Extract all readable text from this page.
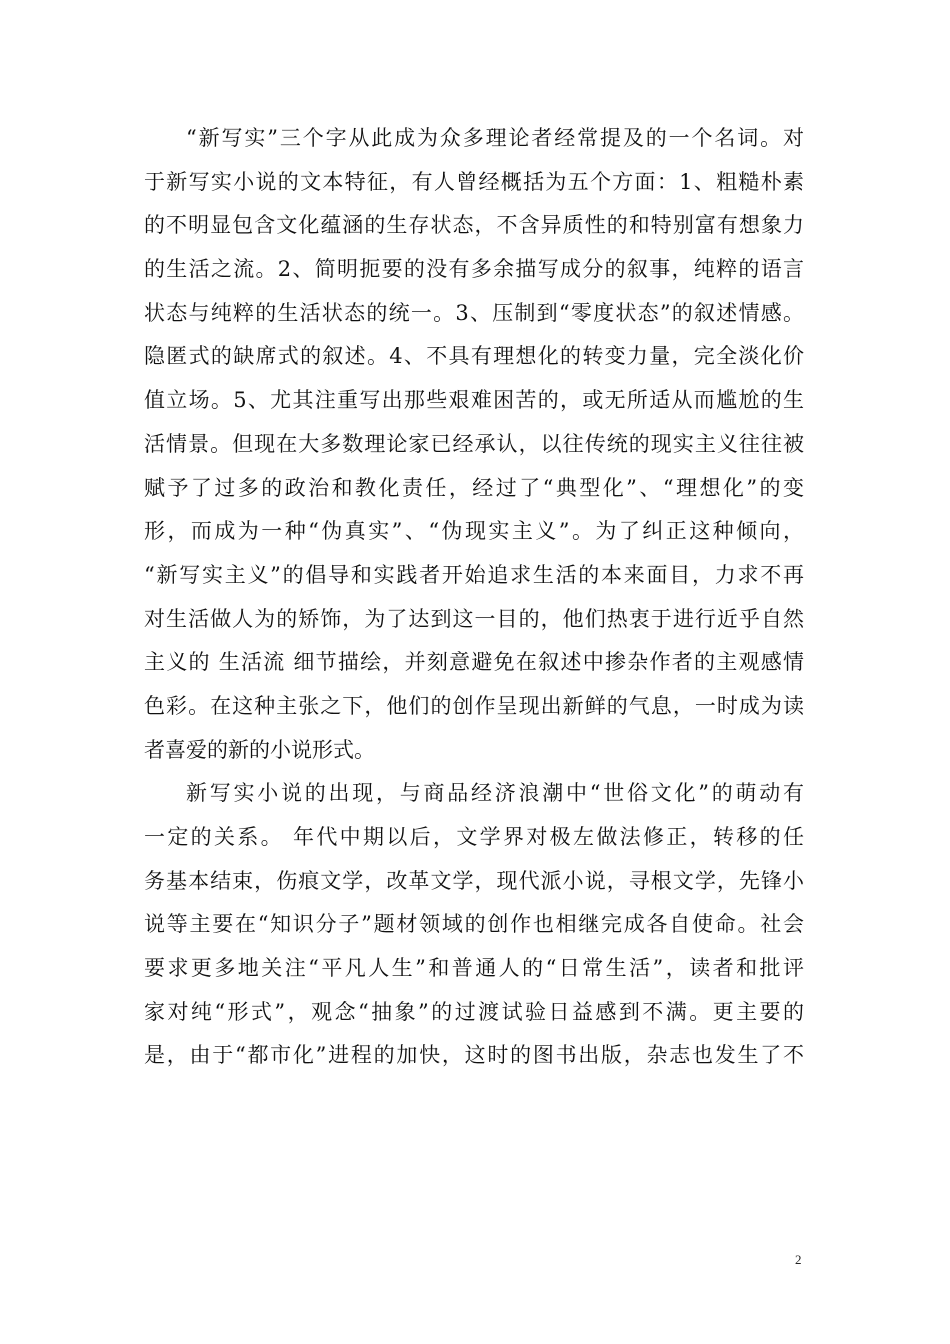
“新写实”三个字从此成为众多理论者经常提及的一个名词。对
于新写实小说的文本特征，有人曾经概括为五个方面：1、粗糙朴素
的不明显包含文化蕴涵的生存状态，不含异质性的和特别富有想象力
的生活之流。2、简明扼要的没有多余描写成分的叙事，纯粹的语言
状态与纯粹的生活状态的统一。3、压制到“零度状态”的叙述情感。
隐匿式的缺席式的叙述。4、不具有理想化的转变力量，完全淡化价
值立场。5、尤其注重写出那些艰难困苦的，或无所适从而尴尬的生
活情景。但现在大多数理论家已经承认，以往传统的现实主义往往被
赋予了过多的政治和教化责任，经过了“典型化”、“理想化”的变
形，而成为一种“伪真实”、“伪现实主义”。为了纠正这种倾向，
“新写实主义”的倡导和实践者开始追求生活的本来面目，力求不再
对生活做人为的矫饰，为了达到这一目的，他们热衷于进行近乎自然
主义的 生活流 细节描绘，并刻意避免在叙述中掺杂作者的主观感情
色彩。在这种主张之下，他们的创作呈现出新鲜的气息，一时成为读
者喜爱的新的小说形式。
新写实小说的出现，与商品经济浪潮中“世俗文化”的萌动有
一定的关系。 年代中期以后，文学界对极左做法修正，转移的任
务基本结束，伤痕文学，改革文学，现代派小说，寻根文学，先锋小
说等主要在“知识分子”题材领域的创作也相继完成各自使命。社会
要求更多地关注“平凡人生”和普通人的“日常生活”，读者和批评
家对纯“形式”，观念“抽象”的过渡试验日益感到不满。更主要的
是，由于“都市化”进程的加快，这时的图书出版，杂志也发生了不
2
